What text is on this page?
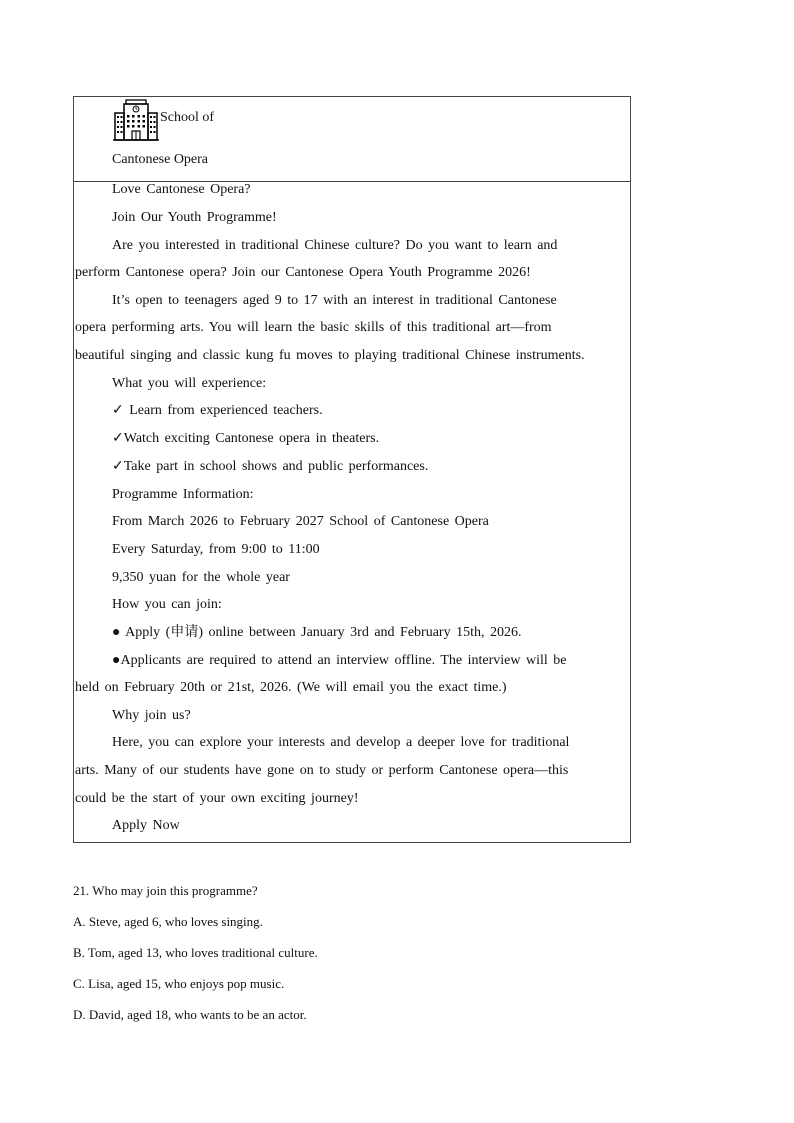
School of
Cantonese Opera
Love Cantonese Opera?
Join Our Youth Programme!
Are you interested in traditional Chinese culture? Do you want to learn and
perform Cantonese opera? Join our Cantonese Opera Youth Programme 2026!
It’s open to teenagers aged 9 to 17 with an interest in traditional Cantonese
opera performing arts. You will learn the basic skills of this traditional art—from
beautiful singing and classic kung fu moves to playing traditional Chinese instruments.
What you will experience:
✓ Learn from experienced teachers.
✓Watch exciting Cantonese opera in theaters.
✓Take part in school shows and public performances.
Programme Information:
From March 2026 to February 2027 School of Cantonese Opera
Every Saturday, from 9:00 to 11:00
9,350 yuan for the whole year
How you can join:
● Apply (申请) online between January 3rd and February 15th, 2026.
●Applicants are required to attend an interview offline. The interview will be
held on February 20th or 21st, 2026. (We will email you the exact time.)
Why join us?
Here, you can explore your interests and develop a deeper love for traditional
arts. Many of our students have gone on to study or perform Cantonese opera—this
could be the start of your own exciting journey!
Apply Now
21. Who may join this programme?
A. Steve, aged 6, who loves singing.
B. Tom, aged 13, who loves traditional culture.
C. Lisa, aged 15, who enjoys pop music.
D. David, aged 18, who wants to be an actor.
